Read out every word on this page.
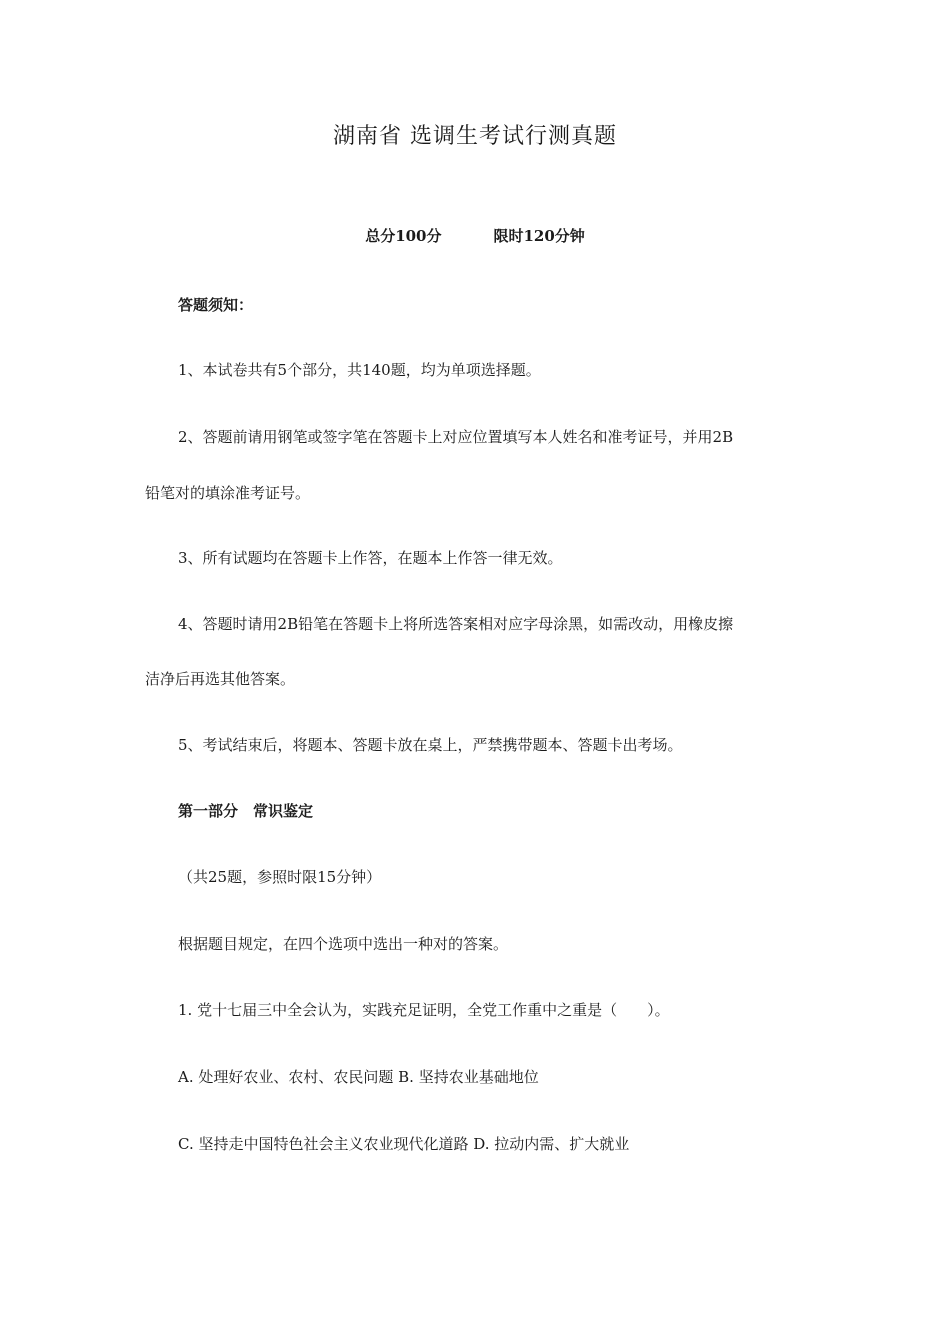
湖南省 选调生考试行测真题
总分100分	限时120分钟
答题须知：
1、本试卷共有5个部分，共140题，均为单项选择题。
2、答题前请用钢笔或签字笔在答题卡上对应位置填写本人姓名和准考证号，并用2B
铅笔对的填涂准考证号。
3、所有试题均在答题卡上作答，在题本上作答一律无效。
4、答题时请用2B铅笔在答题卡上将所选答案相对应字母涂黑，如需改动，用橡皮擦
洁净后再选其他答案。
5、考试结束后，将题本、答题卡放在桌上，严禁携带题本、答题卡出考场。
第一部分　常识鉴定
（共25题，参照时限15分钟）
根据题目规定，在四个选项中选出一种对的答案。
1. 党十七届三中全会认为，实践充足证明，全党工作重中之重是（　　）。
A. 处理好农业、农村、农民问题 B. 坚持农业基础地位
C. 坚持走中国特色社会主义农业现代化道路 D. 拉动内需、扩大就业
